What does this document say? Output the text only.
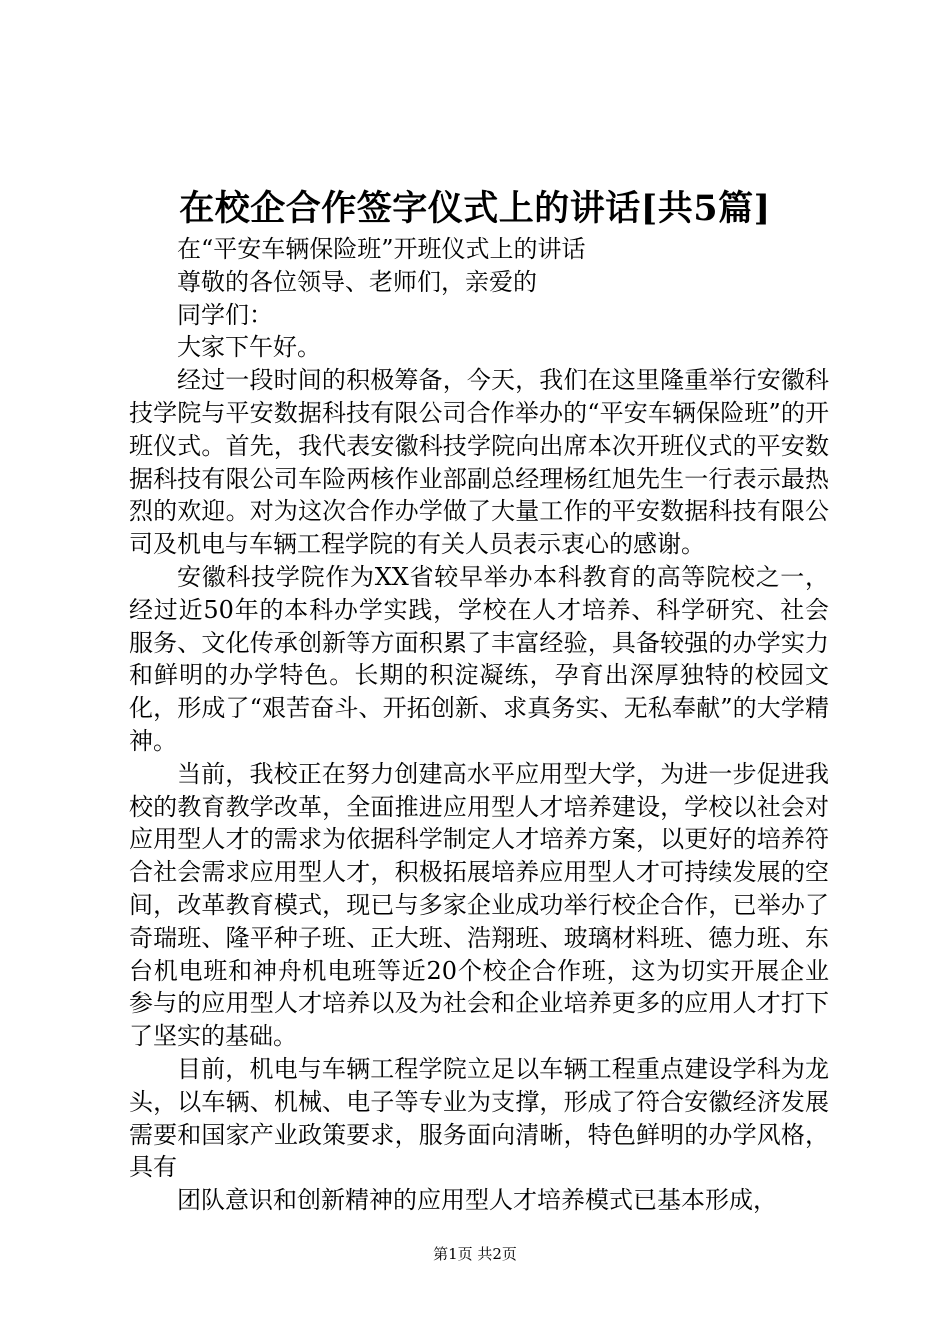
在校企合作签字仪式上的讲话[共5篇]
在“平安车辆保险班”开班仪式上的讲话
尊敬的各位领导、老师们，亲爱的
同学们：
大家下午好。

经过一段时间的积极筹备，今天，我们在这里隆重举行安徽科技学院与平安数据科技有限公司合作举办的“平安车辆保险班”的开班仪式。首先，我代表安徽科技学院向出席本次开班仪式的平安数据科技有限公司车险两核作业部副总经理杨红旭先生一行表示最热烈的欢迎。对为这次合作办学做了大量工作的平安数据科技有限公司及机电与车辆工程学院的有关人员表示衷心的感谢。

安徽科技学院作为XX省较早举办本科教育的高等院校之一，经过近50年的本科办学实践，学校在人才培养、科学研究、社会服务、文化传承创新等方面积累了丰富经验，具备较强的办学实力和鲜明的办学特色。长期的积淀凝练，孕育出深厚独特的校园文化，形成了“艰苦奋斗、开拓创新、求真务实、无私奉献”的大学精神。

当前，我校正在努力创建高水平应用型大学，为进一步促进我校的教育教学改革，全面推进应用型人才培养建设，学校以社会对应用型人才的需求为依据科学制定人才培养方案，以更好的培养符合社会需求应用型人才，积极拓展培养应用型人才可持续发展的空间，改革教育模式，现已与多家企业成功举行校企合作，已举办了奇瑞班、隆平种子班、正大班、浩翔班、玻璃材料班、德力班、东台机电班和神舟机电班等近20个校企合作班，这为切实开展企业参与的应用型人才培养以及为社会和企业培养更多的应用人才打下了坚实的基础。

目前，机电与车辆工程学院立足以车辆工程重点建设学科为龙头，以车辆、机械、电子等专业为支撑，形成了符合安徽经济发展需要和国家产业政策要求，服务面向清晰，特色鲜明的办学风格，具有

团队意识和创新精神的应用型人才培养模式已基本形成，

第1页 共2页
